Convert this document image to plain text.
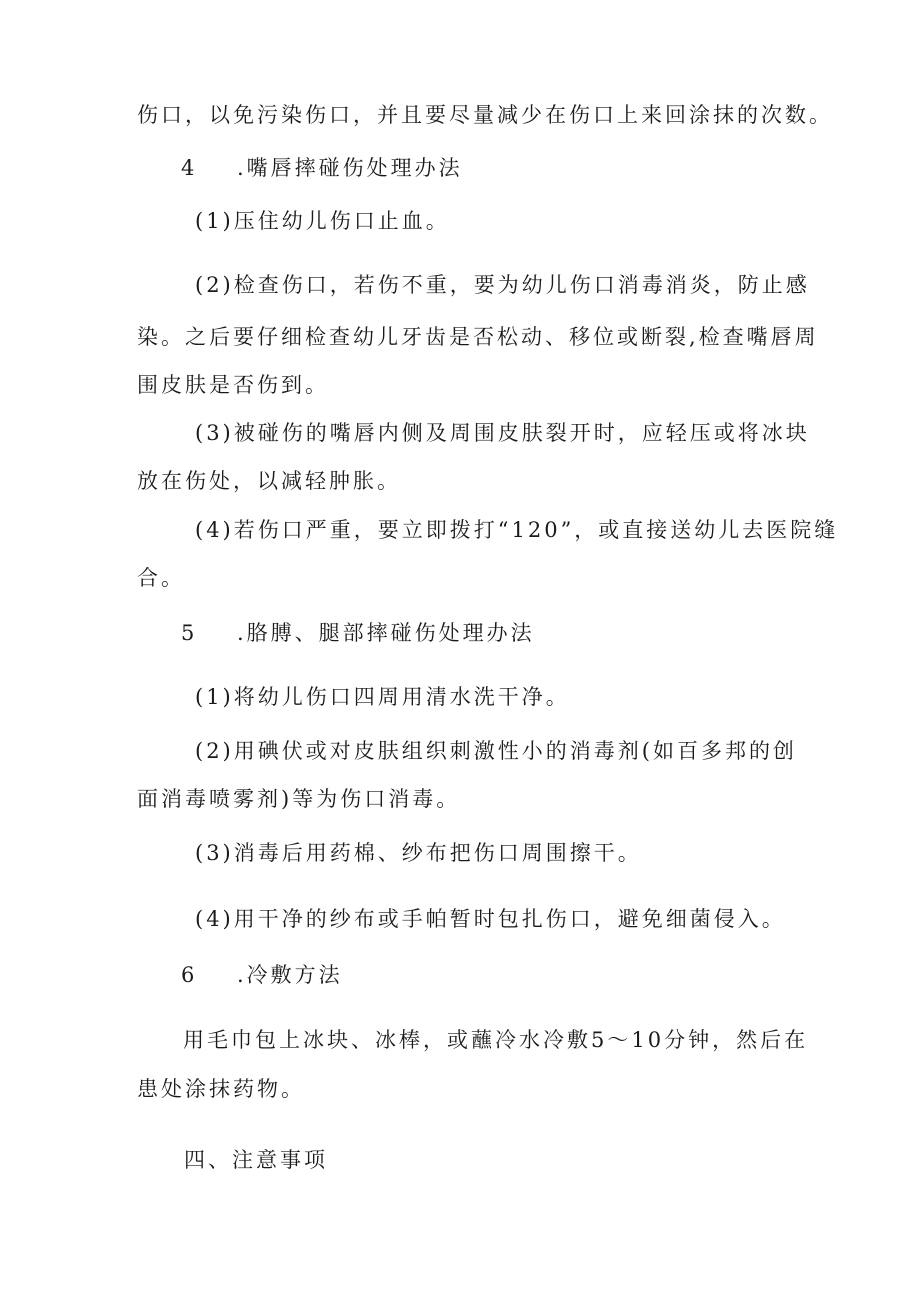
伤口，以免污染伤口，并且要尽量减少在伤口上来回涂抹的次数。
4 .嘴唇摔碰伤处理办法
(1)压住幼儿伤口止血。
(2)检查伤口，若伤不重，要为幼儿伤口消毒消炎，防止感
染。之后要仔细检查幼儿牙齿是否松动、移位或断裂,检查嘴唇周
围皮肤是否伤到。
(3)被碰伤的嘴唇内侧及周围皮肤裂开时，应轻压或将冰块
放在伤处，以减轻肿胀。
(4)若伤口严重，要立即拨打“120”，或直接送幼儿去医院缝
合。
5 .胳膊、腿部摔碰伤处理办法
(1)将幼儿伤口四周用清水洗干净。
(2)用碘伏或对皮肤组织刺激性小的消毒剂(如百多邦的创
面消毒喷雾剂)等为伤口消毒。
(3)消毒后用药棉、纱布把伤口周围擦干。
(4)用干净的纱布或手帕暂时包扎伤口，避免细菌侵入。
6 .冷敷方法
用毛巾包上冰块、冰棒，或蘸冷水冷敷5～10分钟，然后在
患处涂抹药物。
四、注意事项
